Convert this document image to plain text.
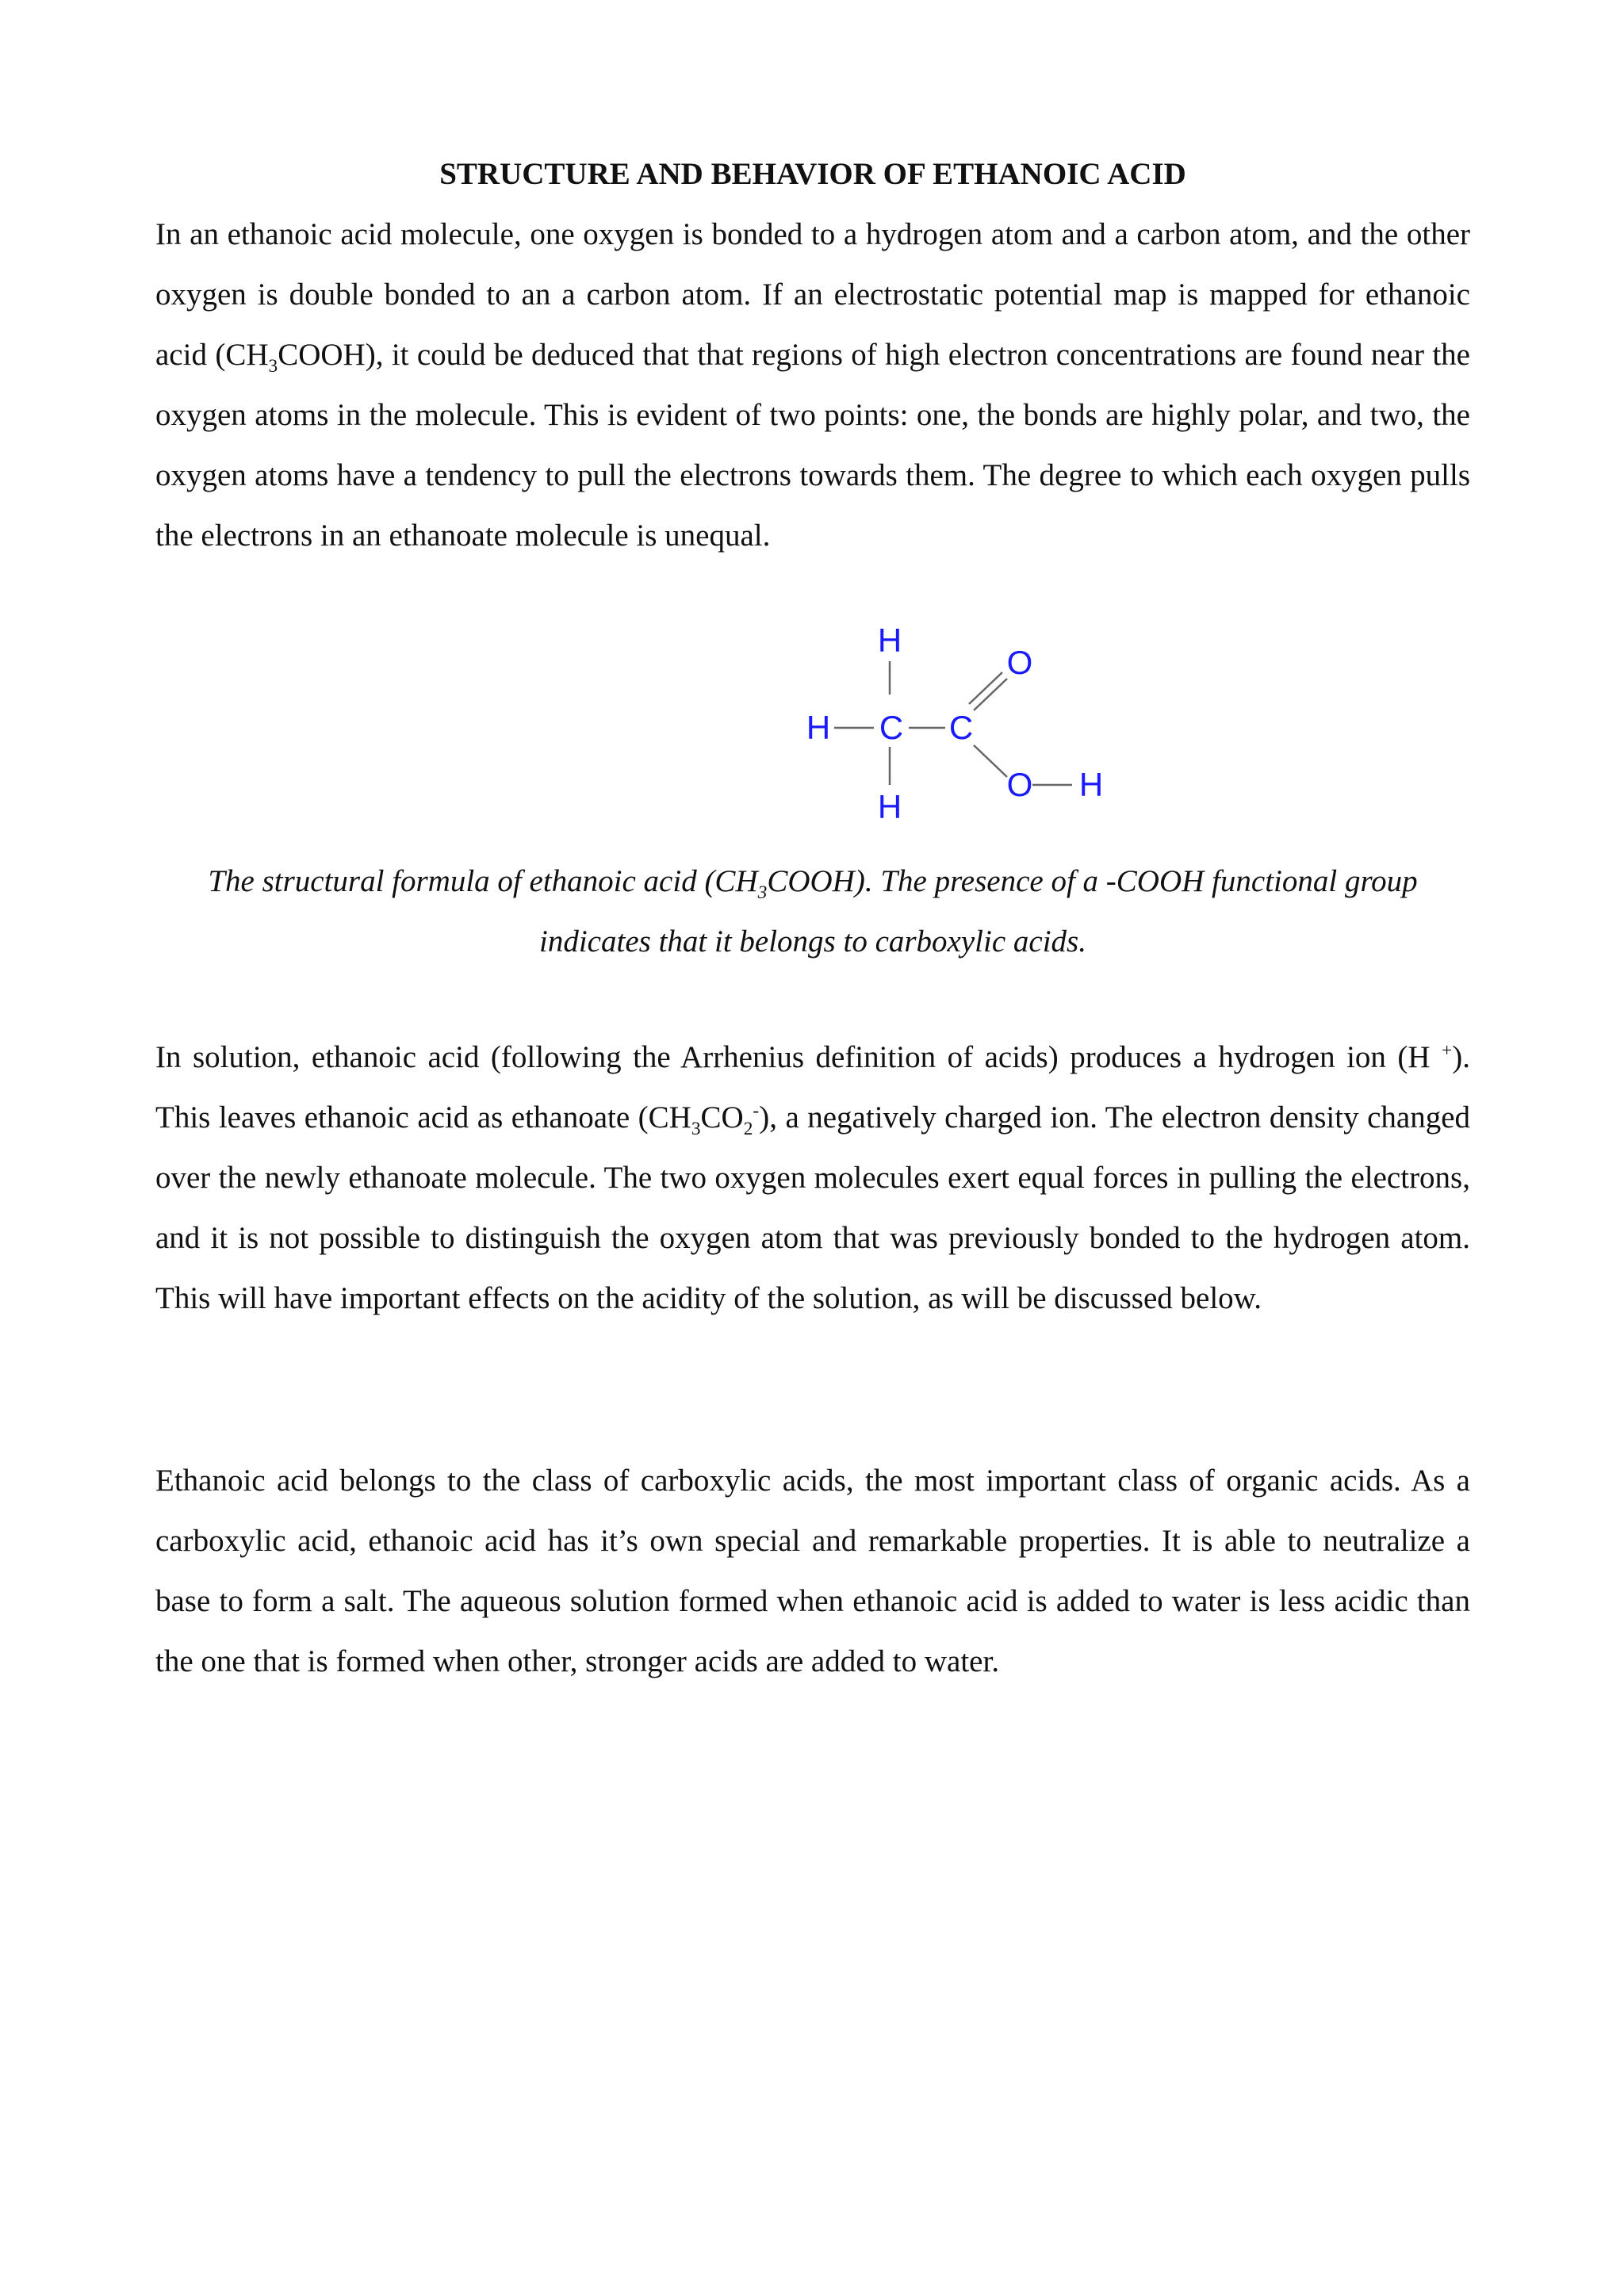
STRUCTURE AND BEHAVIOR OF ETHANOIC ACID

In an ethanoic acid molecule, one oxygen is bonded to a hydrogen atom and a carbon atom, and the other oxygen is double bonded to an a carbon atom. If an electrostatic potential map is mapped for ethanoic acid $(CH_3COOH)$, it could be deduced that that regions of high electron concentrations are found near the oxygen atoms in the molecule. This is evident of two points: one, the bonds are highly polar, and two, the oxygen atoms have a tendency to pull the electrons towards them. The degree to which each oxygen pulls the electrons in an ethanoate molecule is unequal.

H
H C C
H
O
O H

The structural formula of ethanoic acid $(CH_3COOH)$. The presence of a -COOH functional group indicates that it belongs to carboxylic acids.

In solution, ethanoic acid (following the Arrhenius definition of acids) produces a hydrogen ion (H +). This leaves ethanoic acid as ethanoate $(CH_3CO_2^-)$, a negatively charged ion. The electron density changed over the newly ethanoate molecule. The two oxygen molecules exert equal forces in pulling the electrons, and it is not possible to distinguish the oxygen atom that was previously bonded to the hydrogen atom. This will have important effects on the acidity of the solution, as will be discussed below.

Ethanoic acid belongs to the class of carboxylic acids, the most important class of organic acids. As a carboxylic acid, ethanoic acid has it’s own special and remarkable properties. It is able to neutralize a base to form a salt. The aqueous solution formed when ethanoic acid is added to water is less acidic than the one that is formed when other, stronger acids are added to water.
